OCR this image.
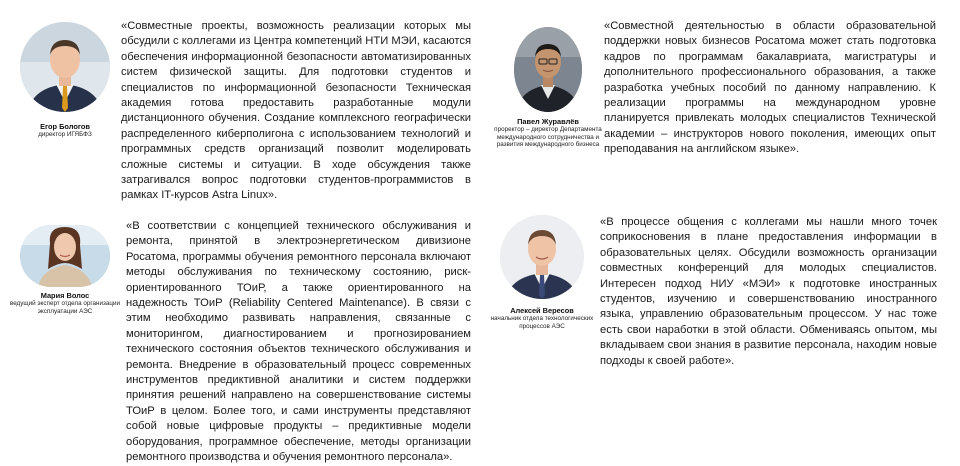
Егор Бологов
директор ИГЯБФЗ

«Совместные проекты, возможность реализации которых мы обсудили с коллегами из Центра компетенций НТИ МЭИ, касаются обеспечения информационной безопасности автоматизированных систем физической защиты. Для подготовки студентов и специалистов по информационной безопасности Техническая академия готова предоставить разработанные модули дистанционного обучения. Создание комплексного географически распределенного киберполигона с использованием технологий и программных средств организаций позволит моделировать сложные системы и ситуации. В ходе обсуждения также затрагивался вопрос подготовки студентов-программистов в рамках IT-курсов Astra Linux».

Павел Журавлёв
проректор – директор Департамента международного сотрудничества и развития международного бизнеса

«Совместной деятельностью в области образовательной поддержки новых бизнесов Росатома может стать подготовка кадров по программам бакалавриата, магистратуры и дополнительного профессионального образования, а также разработка учебных пособий по данному направлению. К реализации программы на международном уровне планируется привлекать молодых специалистов Технической академии – инструкторов нового поколения, имеющих опыт преподавания на английском языке».

Мария Волос
ведущий эксперт отдела организации эксплуатации АЭС

«В соответствии с концепцией технического обслуживания и ремонта, принятой в электроэнергетическом дивизионе Росатома, программы обучения ремонтного персонала включают методы обслуживания по техническому состоянию, риск-ориентированного ТОиР, а также ориентированного на надежность ТОиР (Reliability Centered Maintenance). В связи с этим необходимо развивать направления, связанные с мониторингом, диагностированием и прогнозированием технического состояния объектов технического обслуживания и ремонта. Внедрение в образовательный процесс современных инструментов предиктивной аналитики и систем поддержки принятия решений направлено на совершенствование системы ТОиР в целом. Более того, и сами инструменты представляют собой новые цифровые продукты – предиктивные модели оборудования, программное обеспечение, методы организации ремонтного производства и обучения ремонтного персонала».

Алексей Вересов
начальник отдела технологических процессов АЭС

«В процессе общения с коллегами мы нашли много точек соприкосновения в плане предоставления информации в образовательных целях. Обсудили возможность организации совместных конференций для молодых специалистов. Интересен подход НИУ «МЭИ» к подготовке иностранных студентов, изучению и совершенствованию иностранного языка, управлению образовательным процессом. У нас тоже есть свои наработки в этой области. Обмениваясь опытом, мы вкладываем свои знания в развитие персонала, находим новые подходы к своей работе».
